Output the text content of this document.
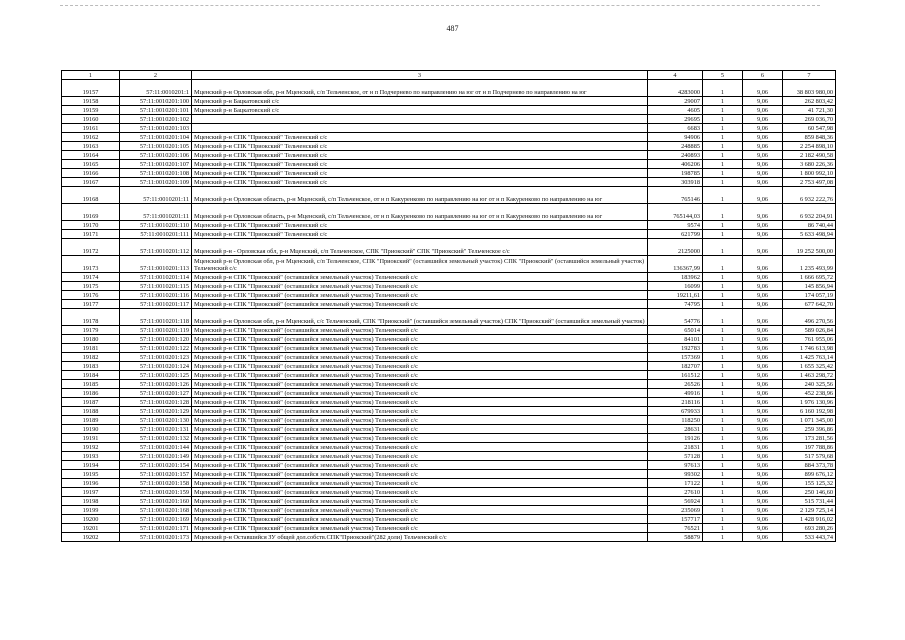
487
1	2	3	4	5	6	7
19157	57:11:0010201:1	Мценский р-н Орловская обл, р-н Мценский, с/п Тельченское, от н п Подчернево по направлению на юг от н п Подчернево по направлению на юг	4283000	1	9,06	38 803 980,00
19158	57:11:0010201:100	Мценский р-н Бацкатовский с/с	29007	1	9,06	262 803,42
19159	57:11:0010201:101	Мценский р-н Бацкатовский с/с	4605	1	9,06	41 721,30
19160	57:11:0010201:102		29695	1	9,06	269 036,70
19161	57:11:0010201:103		6683	1	9,06	60 547,98
19162	57:11:0010201:104	Мценский р-н СПК "Приокский" Тельченский с/с	94906	1	9,06	859 848,36
19163	57:11:0010201:105	Мценский р-н СПК "Приокский" Тельченский с/с	248885	1	9,06	2 254 898,10
19164	57:11:0010201:106	Мценский р-н СПК "Приокский" Тельченский с/с	240893	1	9,06	2 182 490,58
19165	57:11:0010201:107	Мценский р-н СПК "Приокский" Тельченский с/с	406206	1	9,06	3 680 226,36
19166	57:11:0010201:108	Мценский р-н СПК "Приокский" Тельченский с/с	198785	1	9,06	1 800 992,10
19167	57:11:0010201:109	Мценский р-н СПК "Приокский" Тельченский с/с	303918	1	9,06	2 753 497,08
19168	57:11:0010201:11	Мценский р-н Орловская область, р-н Мценский, с/п Тельченское, от н п Какуренково по направлению на юг от н п Какуренково по направлению на юг	765146	1	9,06	6 932 222,76
19169	57:11:0010201:11	Мценский р-н Орловская область, р-н Мценский, с/п Тельченское, от н п Какуренково по направлению на юг от н п Какуренково по направлению на юг	765144,03	1	9,06	6 932 204,91
19170	57:11:0010201:110	Мценский р-н СПК "Приокский" Тельченский с/с	9574	1	9,06	86 740,44
19171	57:11:0010201:111	Мценский р-н СПК "Приокский" Тельченский с/с	621799	1	9,06	5 633 498,94
19172	57:11:0010201:112	Мценский р-н - Орловская обл, р-н Мценский, с/п Тельченское, СПК "Приокский" СПК "Приокский" Тельченское с/с	2125000	1	9,06	19 252 500,00
19173	57:11:0010201:113	Мценский р-н Орловская обл, р-н Мценский, с/п Тельченское, СПК "Приокский" (оставшийся земельный участок) СПК "Приокский" (оставшийся земельный участок) Тельченский с/с	136367,99	1	9,06	1 235 493,99
19174	57:11:0010201:114	Мценский р-н СПК "Приокский" (оставшийся земельный участок) Тельченский с/с	183962	1	9,06	1 666 695,72
19175	57:11:0010201:115	Мценский р-н СПК "Приокский" (оставшийся земельный участок) Тельченский с/с	16099	1	9,06	145 856,94
19176	57:11:0010201:116	Мценский р-н СПК "Приокский" (оставшийся земельный участок) Тельченский с/с	19211,61	1	9,06	174 057,19
19177	57:11:0010201:117	Мценский р-н СПК "Приокский" (оставшийся земельный участок) Тельченский с/с	74795	1	9,06	677 642,70
19178	57:11:0010201:118	Мценский р-н Орловская обл, р-н Мценский, с/с Тельченский, СПК "Приокский" (оставшийся земельный участок) СПК "Приокский" (оставшийся земельный участок)	54776	1	9,06	496 270,56
19179	57:11:0010201:119	Мценский р-н СПК "Приокский" (оставшийся земельный участок) Тельченский с/с	65014	1	9,06	589 026,84
19180	57:11:0010201:120	Мценский р-н СПК "Приокский" (оставшийся земельный участок) Тельченский с/с	84101	1	9,06	761 955,06
19181	57:11:0010201:122	Мценский р-н СПК "Приокский" (оставшийся земельный участок) Тельченский с/с	192783	1	9,06	1 746 613,98
19182	57:11:0010201:123	Мценский р-н СПК "Приокский" (оставшийся земельный участок) Тельченский с/с	157369	1	9,06	1 425 763,14
19183	57:11:0010201:124	Мценский р-н СПК "Приокский" (оставшийся земельный участок) Тельченский с/с	182707	1	9,06	1 655 325,42
19184	57:11:0010201:125	Мценский р-н СПК "Приокский" (оставшийся земельный участок) Тельченский с/с	161512	1	9,06	1 463 298,72
19185	57:11:0010201:126	Мценский р-н СПК "Приокский" (оставшийся земельный участок) Тельченский с/с	26526	1	9,06	240 325,56
19186	57:11:0010201:127	Мценский р-н СПК "Приокский" (оставшийся земельный участок) Тельченский с/с	49916	1	9,06	452 238,96
19187	57:11:0010201:128	Мценский р-н СПК "Приокский" (оставшийся земельный участок) Тельченский с/с	218116	1	9,06	1 976 130,96
19188	57:11:0010201:129	Мценский р-н СПК "Приокский" (оставшийся земельный участок) Тельченский с/с	679933	1	9,06	6 160 192,98
19189	57:11:0010201:130	Мценский р-н СПК "Приокский" (оставшийся земельный участок) Тельченский с/с	118250	1	9,06	1 071 345,00
19190	57:11:0010201:131	Мценский р-н СПК "Приокский" (оставшийся земельный участок) Тельченский с/с	28631	1	9,06	259 396,86
19191	57:11:0010201:132	Мценский р-н СПК "Приокский" (оставшийся земельный участок) Тельченский с/с	19126	1	9,06	173 281,56
19192	57:11:0010201:144	Мценский р-н СПК "Приокский" (оставшийся земельный участок) Тельченский с/с	21831	1	9,06	197 788,86
19193	57:11:0010201:149	Мценский р-н СПК "Приокский" (оставшийся земельный участок) Тельченский с/с	57128	1	9,06	517 579,68
19194	57:11:0010201:154	Мценский р-н СПК "Приокский" (оставшийся земельный участок) Тельченский с/с	97613	1	9,06	884 373,78
19195	57:11:0010201:157	Мценский р-н СПК "Приокский" (оставшийся земельный участок) Тельченский с/с	99302	1	9,06	899 676,12
19196	57:11:0010201:158	Мценский р-н СПК "Приокский" (оставшийся земельный участок) Тельченский с/с	17122	1	9,06	155 125,32
19197	57:11:0010201:159	Мценский р-н СПК "Приокский" (оставшийся земельный участок) Тельченский с/с	27610	1	9,06	250 146,60
19198	57:11:0010201:160	Мценский р-н СПК "Приокский" (оставшийся земельный участок) Тельченский с/с	56924	1	9,06	515 731,44
19199	57:11:0010201:168	Мценский р-н СПК "Приокский" (оставшийся земельный участок) Тельченский с/с	235069	1	9,06	2 129 725,14
19200	57:11:0010201:169	Мценский р-н СПК "Приокский" (оставшийся земельный участок) Тельченский с/с	157717	1	9,06	1 428 916,02
19201	57:11:0010201:171	Мценский р-н СПК "Приокский" (оставшийся земельный участок) Тельченский с/с	76521	1	9,06	693 280,26
19202	57:11:0010201:173	Мценский р-н Оставшийся ЗУ общей дол.собств.СПК"Приокский"(282 доли) Тельченский с/с	58879	1	9,06	533 443,74
